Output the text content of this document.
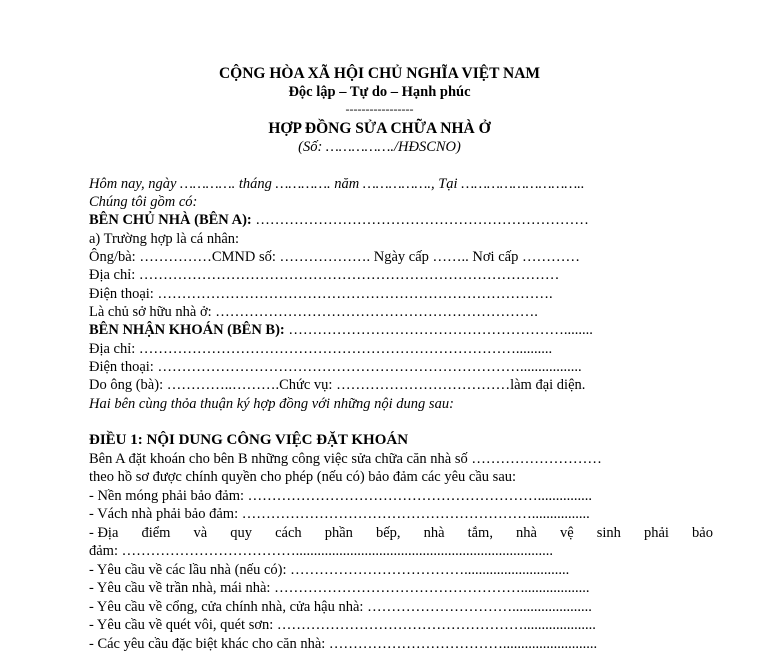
CỘNG HÒA XÃ HỘI CHỦ NGHĨA VIỆT NAM
Độc lập – Tự do – Hạnh phúc
-----------------
HỢP ĐỒNG SỬA CHỮA NHÀ Ở
(Số: ……………./HĐSCNO)
Hôm nay, ngày …………. tháng …………. năm ……………., Tại ………………………..
Chúng tôi gồm có:
BÊN CHỦ NHÀ (BÊN A): ……………………………………………………………
a) Trường hợp là cá nhân:
Ông/bà: ……………CMND số: ………………. Ngày cấp …….. Nơi cấp …………
Địa chỉ: ……………………………………………………………………………
Điện thoại: ……………………………………………………………………….
Là chủ sở hữu nhà ở: ………………………………………………………….
BÊN NHẬN KHOÁN (BÊN B): …………………………………………………........
Địa chỉ: ……………………………………………………………………..........
Điện thoại: ………………………………………………………………….................
Do ông (bà): …………..……….Chức vụ: ………………………………làm đại diện.
Hai bên cùng thỏa thuận ký hợp đồng với những nội dung sau:
ĐIỀU 1: NỘI DUNG CÔNG VIỆC ĐẶT KHOÁN
Bên A đặt khoán cho bên B những công việc sửa chữa căn nhà số ………………………
theo hồ sơ được chính quyền cho phép (nếu có) bảo đảm các yêu cầu sau:
- Nền móng phải bảo đảm: ……………………………………………………...............
- Vách nhà phải bảo đảm: ……………………………………………………................
- Địa điểm và quy cách phần bếp, nhà tắm, nhà vệ sinh phải bảo
đảm: ……………………………….......................................................................
- Yêu cầu về các lầu nhà (nếu có): ……………………………….............................
- Yêu cầu về trần nhà, mái nhà: ……………………………………………...................
- Yêu cầu về cổng, cửa chính nhà, cửa hậu nhà: …………………………......................
- Yêu cầu về quét vôi, quét sơn: ……………………………………………....................
- Các yêu cầu đặc biệt khác cho căn nhà: ………………………………..........................
